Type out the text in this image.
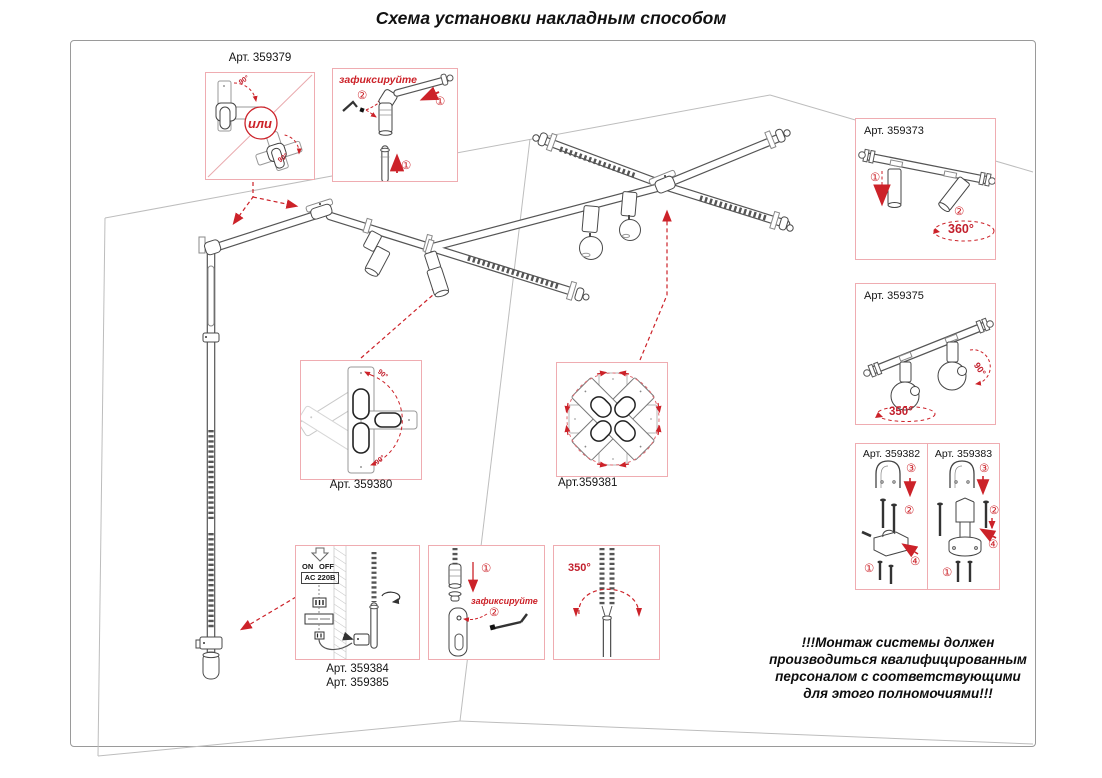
Схема установки накладным способом
Арт. 359379
90°
90°
или
зафиксируйте
②	①
①
Арт. 359373
①
②
360°
Арт. 359375
350°
90°
Арт. 359382
③
②
④
①
Арт. 359383
③
②
④
①
90°
90°
Арт. 359380	Арт.359381
ON OFF
AC 220В
Арт. 359384
Арт. 359385
①
зафиксируйте
②
350°
!!!Монтаж системы должен
производиться квалифицированным
персоналом с соответствующими
для этого полномочиями!!!
